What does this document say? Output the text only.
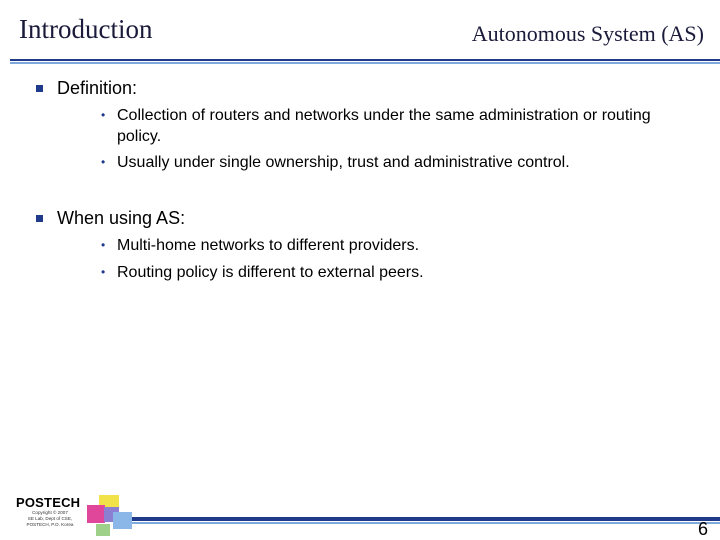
Introduction	Autonomous System (AS)
Definition:
• Collection of routers and networks under the same administration or routing policy.
• Usually under single ownership, trust and administrative control.
When using AS:
• Multi-home networks to different providers.
• Routing policy is different to external peers.
POSTECH
Copyright © 2007
SE Lab, Dept of CSE,
POSTECH, P.O. Korea	6
